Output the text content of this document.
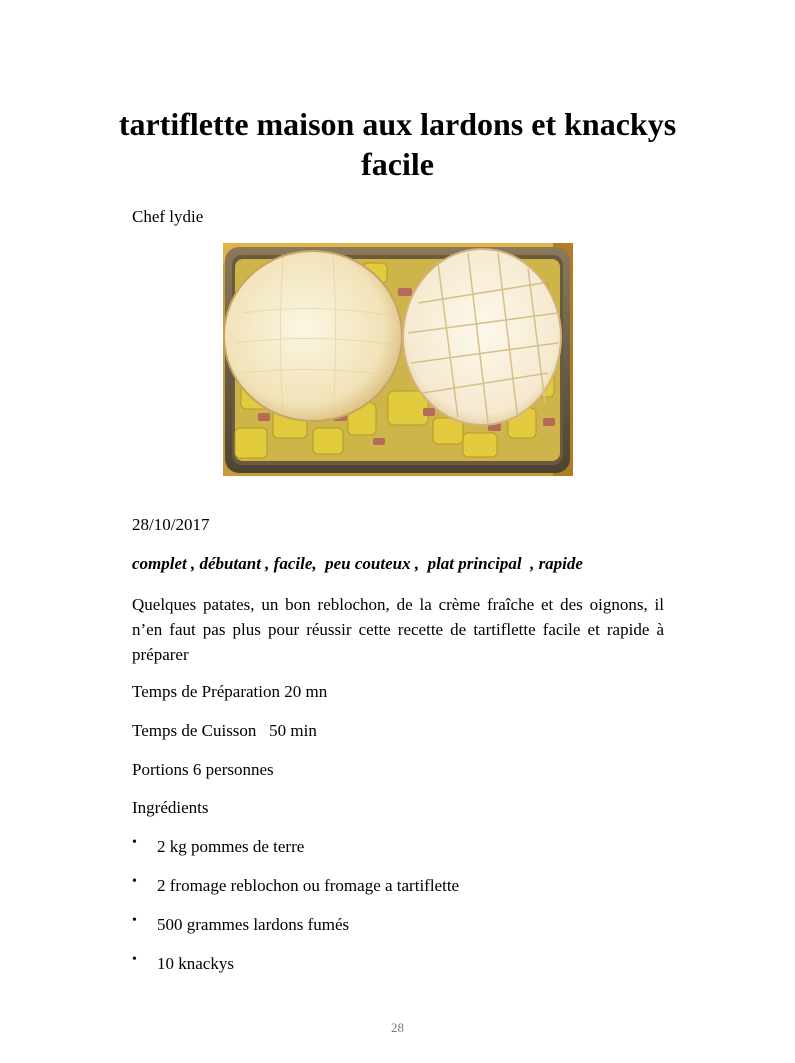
tartiflette maison aux lardons et knackys facile
Chef lydie
28/10/2017
complet , débutant , facile,  peu couteux ,  plat principal  , rapide

Quelques patates, un bon reblochon, de la crème fraîche et des oignons, il n’en faut pas plus pour réussir cette recette de tartiflette facile et rapide à préparer

Temps de Préparation 20 mn
Temps de Cuisson   50 min
Portions 6 personnes
Ingrédients
• 2 kg pommes de terre
• 2 fromage reblochon ou fromage a tartiflette
• 500 grammes lardons fumés
• 10 knackys
28
